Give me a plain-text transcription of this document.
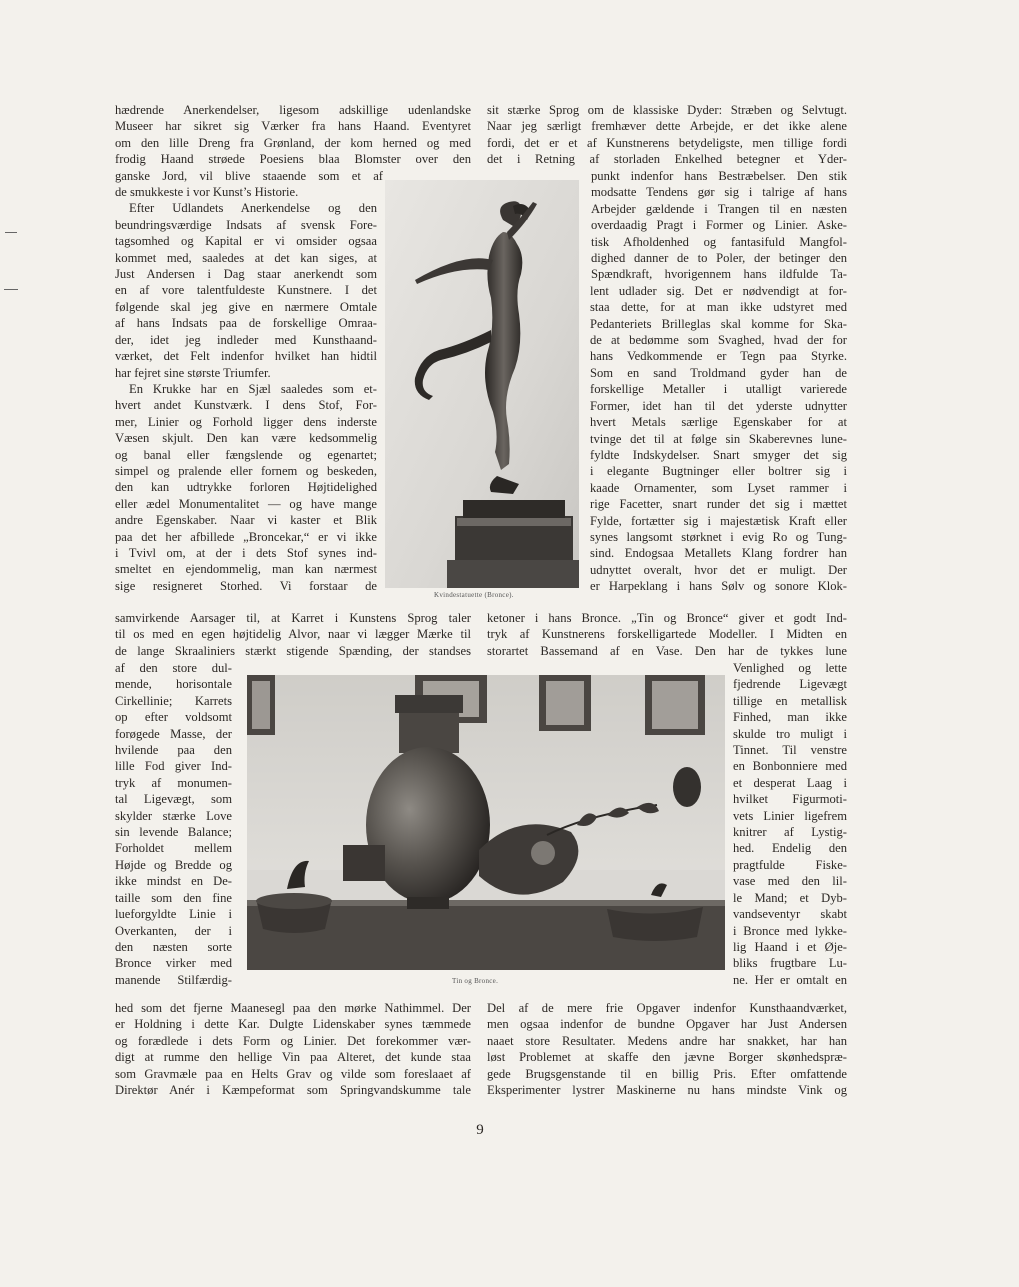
hædrende Anerkendelser, ligesom adskillige udenlandske
Museer har sikret sig Værker fra hans Haand. Eventyret
om den lille Dreng fra Grønland, der kom herned og med
frodig Haand strøede Poesiens blaa Blomster over den
ganske Jord, vil blive staaende som et af
de smukkeste i vor Kunst’s Historie.
Efter Udlandets Anerkendelse og den
beundringsværdige Indsats af svensk Fore-
tagsomhed og Kapital er vi omsider ogsaa
kommet med, saaledes at det kan siges, at
Just Andersen i Dag staar anerkendt som
en af vore talentfuldeste Kunstnere. I det
følgende skal jeg give en nærmere Omtale
af hans Indsats paa de forskellige Omraa-
der, idet jeg indleder med Kunsthaand-
værket, det Felt indenfor hvilket han hidtil
har fejret sine største Triumfer.
En Krukke har en Sjæl saaledes som et-
hvert andet Kunstværk. I dens Stof, For-
mer, Linier og Forhold ligger dens inderste
Væsen skjult. Den kan være kedsommelig
og banal eller fængslende og egenartet;
simpel og pralende eller fornem og beskeden,
den kan udtrykke forloren Højtidelighed
eller ædel Monumentalitet — og have mange
andre Egenskaber. Naar vi kaster et Blik
paa det her afbillede „Broncekar,“ er vi ikke
i Tvivl om, at der i dets Stof synes ind-
smeltet en ejendommelig, man kan nærmest
sige resigneret Storhed. Vi forstaar de
samvirkende Aarsager til, at Karret i Kunstens Sprog taler
til os med en egen højtidelig Alvor, naar vi lægger Mærke til
de lange Skraaliniers stærkt stigende Spænding, der standses
af den store dul-
mende, horisontale
Cirkellinie; Karrets
op efter voldsomt
forøgede Masse, der
hvilende paa den
lille Fod giver Ind-
tryk af monumen-
tal Ligevægt, som
skylder stærke Love
sin levende Balance;
Forholdet mellem
Højde og Bredde og
ikke mindst en De-
taille som den fine
lueforgyldte Linie i
Overkanten, der i
den næsten sorte
Bronce virker med
manende Stilfærdig-
hed som det fjerne Maanesegl paa den mørke Nathimmel. Der
er Holdning i dette Kar. Dulgte Lidenskaber synes tæmmede
og forædlede i dets Form og Linier. Det forekommer vær-
digt at rumme den hellige Vin paa Alteret, det kunde staa
som Gravmæle paa en Helts Grav og vilde som foreslaaet af
Direktør Anér i Kæmpeformat som Springvandskumme tale
sit stærke Sprog om de klassiske Dyder: Stræben og Selvtugt.
Naar jeg særligt fremhæver dette Arbejde, er det ikke alene
fordi, det er et af Kunstnerens betydeligste, men tillige fordi
det i Retning af storladen Enkelhed betegner et Yder-
punkt indenfor hans Bestræbelser. Den stik
modsatte Tendens gør sig i talrige af hans
Arbejder gældende i Trangen til en næsten
overdaadig Pragt i Former og Linier. Aske-
tisk Afholdenhed og fantasifuld Mangfol-
dighed danner de to Poler, der betinger den
Spændkraft, hvorigennem hans ildfulde Ta-
lent udlader sig. Det er nødvendigt at for-
staa dette, for at man ikke udstyret med
Pedanteriets Brilleglas skal komme for Ska-
de at bedømme som Svaghed, hvad der for
hans Vedkommende er Tegn paa Styrke.
Som en sand Troldmand gyder han de
forskellige Metaller i utalligt varierede
Former, idet han til det yderste udnytter
hvert Metals særlige Egenskaber for at
tvinge det til at følge sin Skaberevnes lune-
fyldte Indskydelser. Snart smyger det sig
i elegante Bugtninger eller boltrer sig i
kaade Ornamenter, som Lyset rammer i
rige Facetter, snart runder det sig i mættet
Fylde, fortætter sig i majestætisk Kraft eller
synes langsomt størknet i evig Ro og Tung-
sind. Endogsaa Metallets Klang fordrer han
udnyttet overalt, hvor det er muligt. Der
er Harpeklang i hans Sølv og sonore Klok-
ketoner i hans Bronce. „Tin og Bronce“ giver et godt Ind-
tryk af Kunstnerens forskelligartede Modeller. I Midten en
storartet Bassemand af en Vase. Den har de tykkes lune
Venlighed og lette
fjedrende Ligevægt
tillige en metallisk
Finhed, man ikke
skulde tro muligt i
Tinnet. Til venstre
en Bonbonniere med
et desperat Laag i
hvilket Figurmoti-
vets Linier ligefrem
knitrer af Lystig-
hed. Endelig den
pragtfulde Fiske-
vase med den lil-
le Mand; et Dyb-
vandseventyr skabt
i Bronce med lykke-
lig Haand i et Øje-
bliks frugtbare Lu-
ne. Her er omtalt en
Del af de mere frie Opgaver indenfor Kunsthaandværket,
men ogsaa indenfor de bundne Opgaver har Just Andersen
naaet store Resultater. Medens andre har snakket, har han
løst Problemet at skaffe den jævne Borger skønhedspræ-
gede Brugsgenstande til en billig Pris. Efter omfattende
Eksperimenter lystrer Maskinerne nu hans mindste Vink og
Kvindestatuette (Bronce).
Tin og Bronce.
9
